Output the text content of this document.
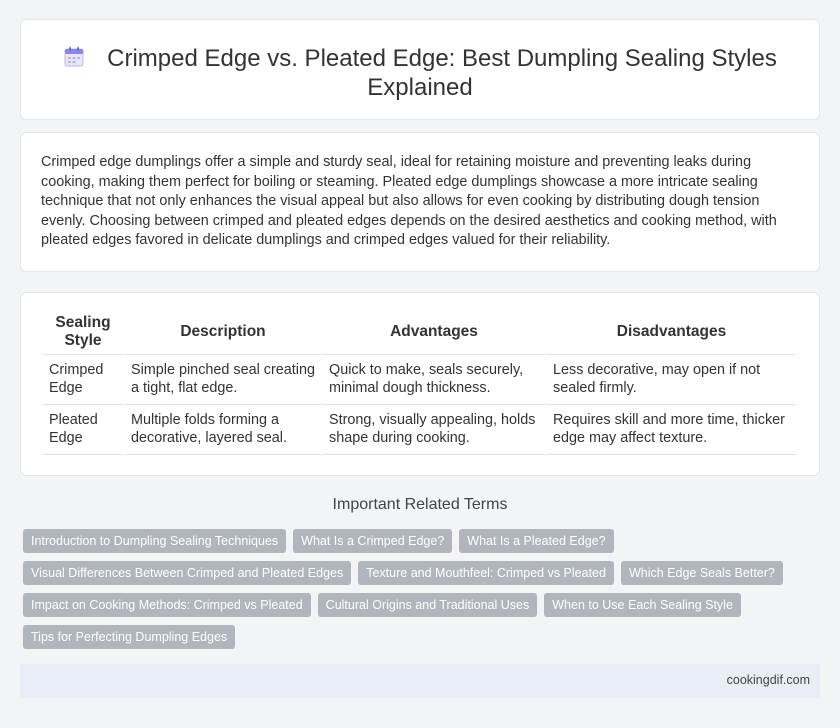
Crimped Edge vs. Pleated Edge: Best Dumpling Sealing Styles Explained
Crimped edge dumplings offer a simple and sturdy seal, ideal for retaining moisture and preventing leaks during cooking, making them perfect for boiling or steaming. Pleated edge dumplings showcase a more intricate sealing technique that not only enhances the visual appeal but also allows for even cooking by distributing dough tension evenly. Choosing between crimped and pleated edges depends on the desired aesthetics and cooking method, with pleated edges favored in delicate dumplings and crimped edges valued for their reliability.
Sealing Style	Description	Advantages	Disadvantages
Crimped Edge	Simple pinched seal creating a tight, flat edge.	Quick to make, seals securely, minimal dough thickness.	Less decorative, may open if not sealed firmly.
Pleated Edge	Multiple folds forming a decorative, layered seal.	Strong, visually appealing, holds shape during cooking.	Requires skill and more time, thicker edge may affect texture.
Important Related Terms
Introduction to Dumpling Sealing Techniques	What Is a Crimped Edge?	What Is a Pleated Edge?
Visual Differences Between Crimped and Pleated Edges	Texture and Mouthfeel: Crimped vs Pleated	Which Edge Seals Better?
Impact on Cooking Methods: Crimped vs Pleated	Cultural Origins and Traditional Uses	When to Use Each Sealing Style
Tips for Perfecting Dumpling Edges
cookingdif.com
